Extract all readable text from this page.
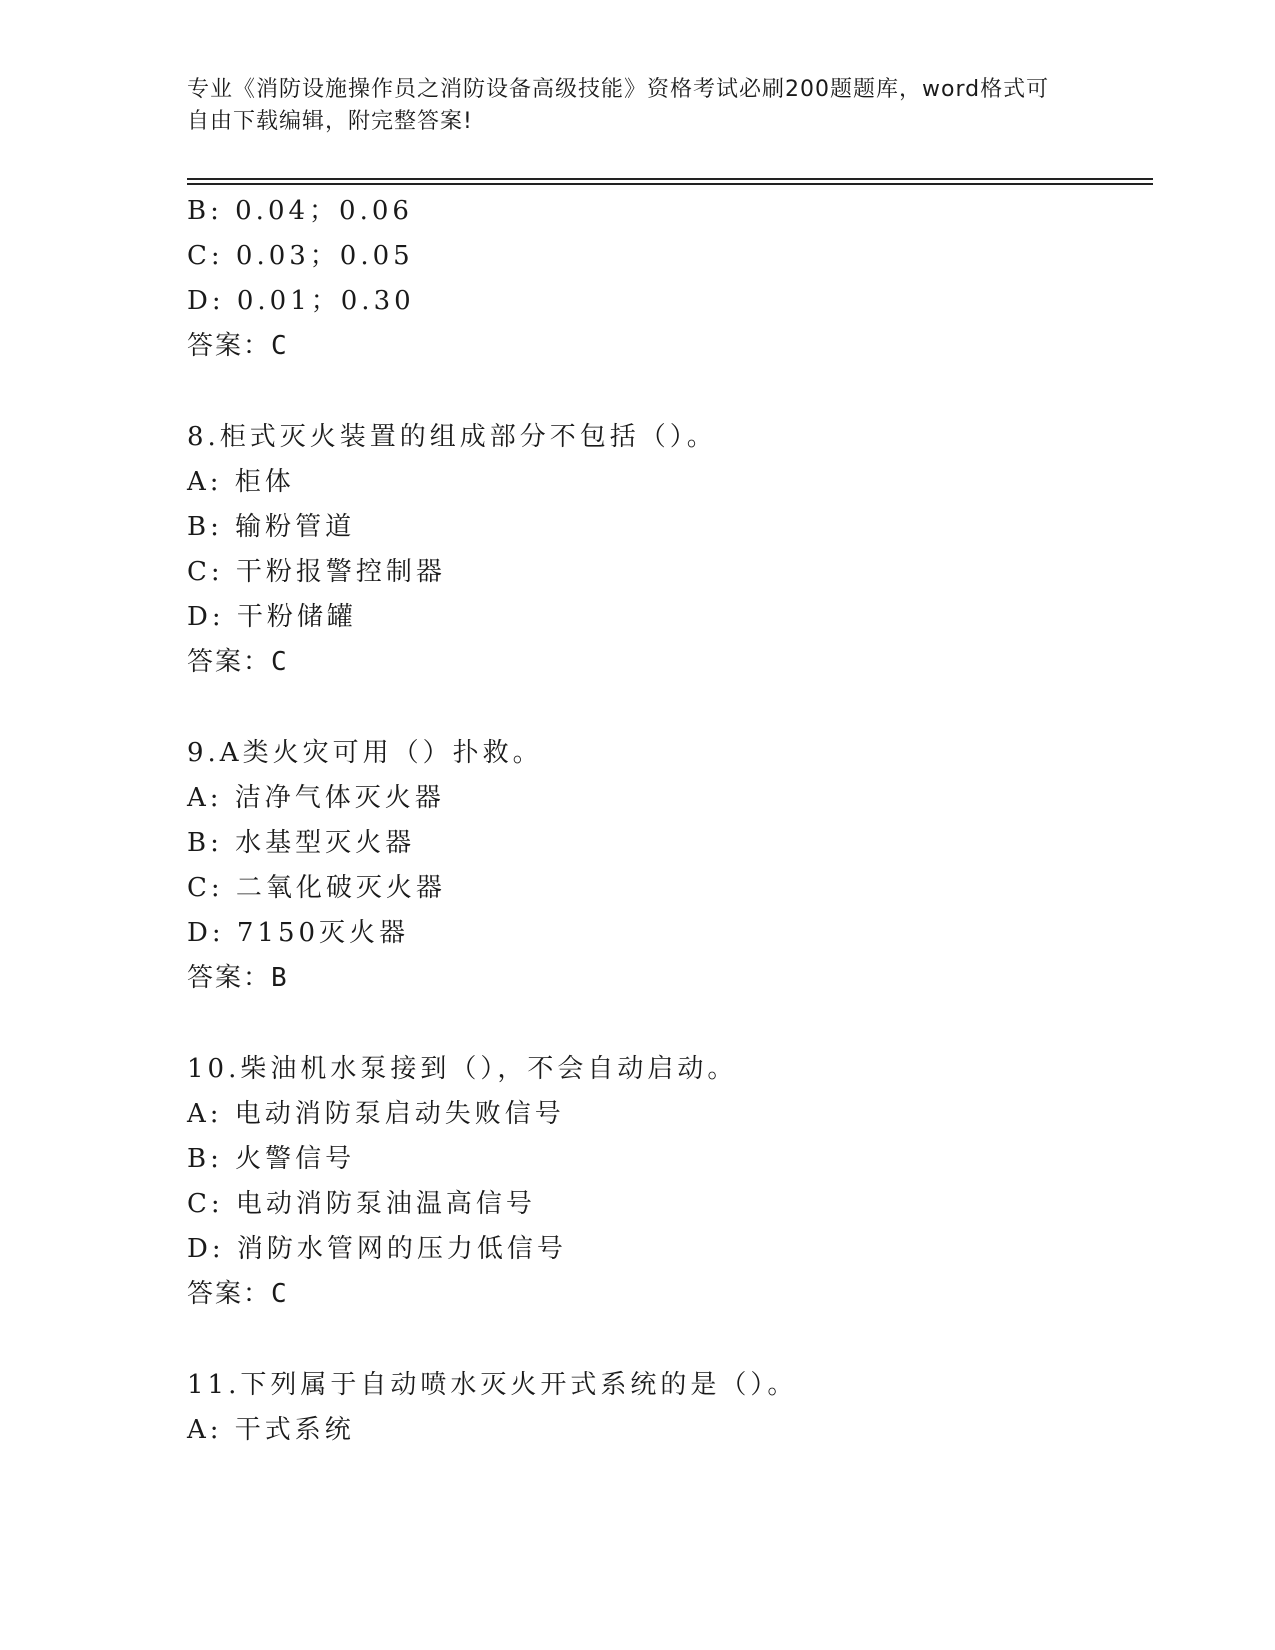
专业《消防设施操作员之消防设备高级技能》资格考试必刷200题题库，word格式可自由下载编辑，附完整答案!
B: 0.04；0.06
C: 0.03；0.05
D: 0.01；0.30
答案：C
8.柜式灭火装置的组成部分不包括（）。
A: 柜体
B: 输粉管道
C: 干粉报警控制器
D: 干粉储罐
答案：C
9.A类火灾可用（）扑救。
A: 洁净气体灭火器
B: 水基型灭火器
C: 二氧化破灭火器
D: 7150灭火器
答案：B
10.柴油机水泵接到（），不会自动启动。
A: 电动消防泵启动失败信号
B: 火警信号
C: 电动消防泵油温高信号
D: 消防水管网的压力低信号
答案：C
11.下列属于自动喷水灭火开式系统的是（）。
A: 干式系统
